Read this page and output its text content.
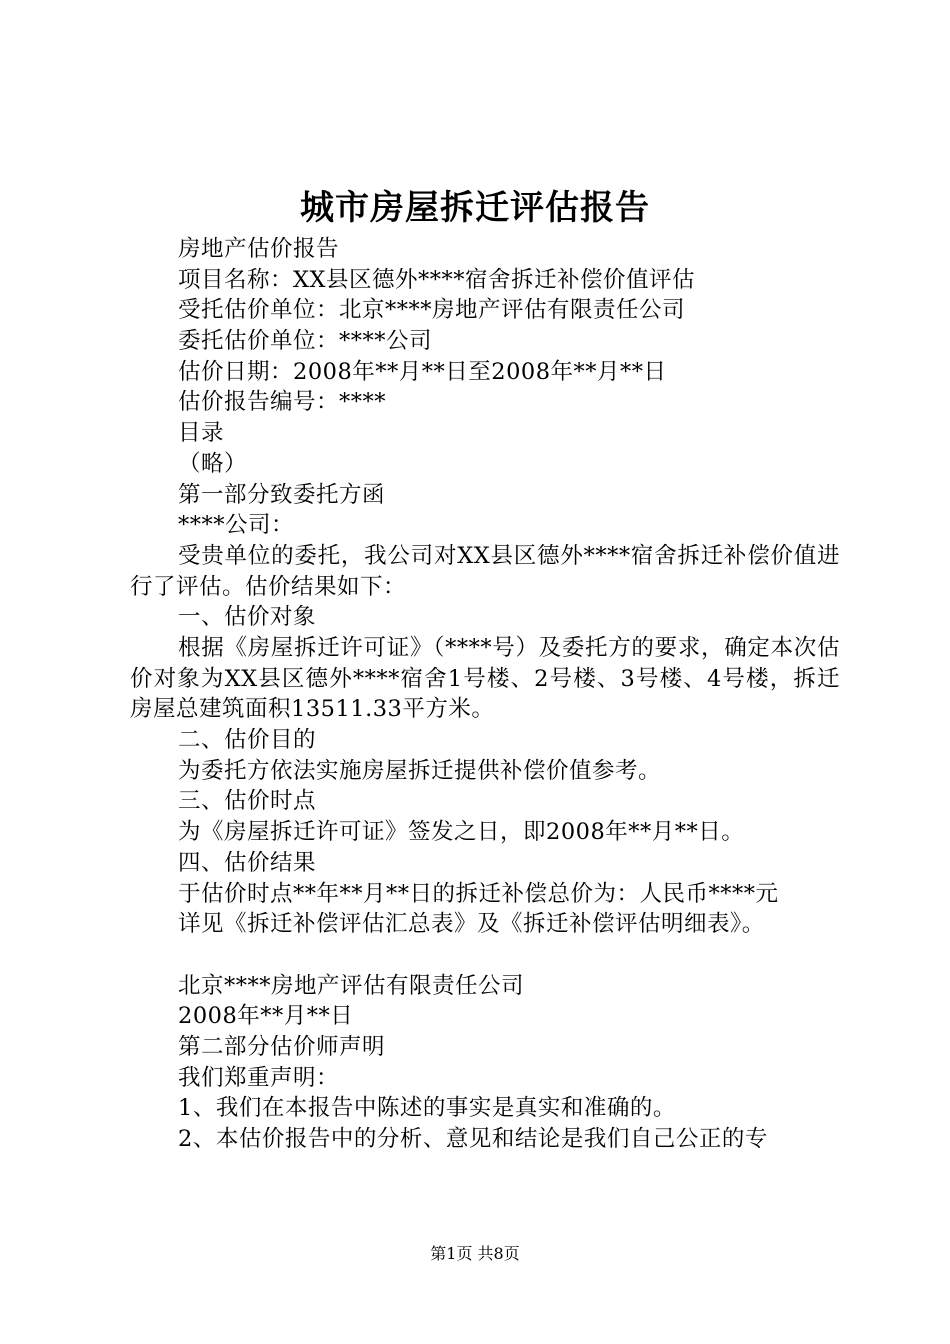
城市房屋拆迁评估报告
房地产估价报告
项目名称：XX县区德外****宿舍拆迁补偿价值评估
受托估价单位：北京****房地产评估有限责任公司
委托估价单位：****公司
估价日期：2008年**月**日至2008年**月**日
估价报告编号：****
目录
（略）
第一部分致委托方函
****公司：
受贵单位的委托，我公司对XX县区德外****宿舍拆迁补偿价值进行了评估。估价结果如下：
一、估价对象
根据《房屋拆迁许可证》（****号）及委托方的要求，确定本次估价对象为XX县区德外****宿舍1号楼、2号楼、3号楼、4号楼，拆迁房屋总建筑面积13511.33平方米。
二、估价目的
为委托方依法实施房屋拆迁提供补偿价值参考。
三、估价时点
为《房屋拆迁许可证》签发之日，即2008年**月**日。
四、估价结果
于估价时点**年**月**日的拆迁补偿总价为：人民币****元
详见《拆迁补偿评估汇总表》及《拆迁补偿评估明细表》。
北京****房地产评估有限责任公司
2008年**月**日
第二部分估价师声明
我们郑重声明：
1、我们在本报告中陈述的事实是真实和准确的。
2、本估价报告中的分析、意见和结论是我们自己公正的专
第1页 共8页
